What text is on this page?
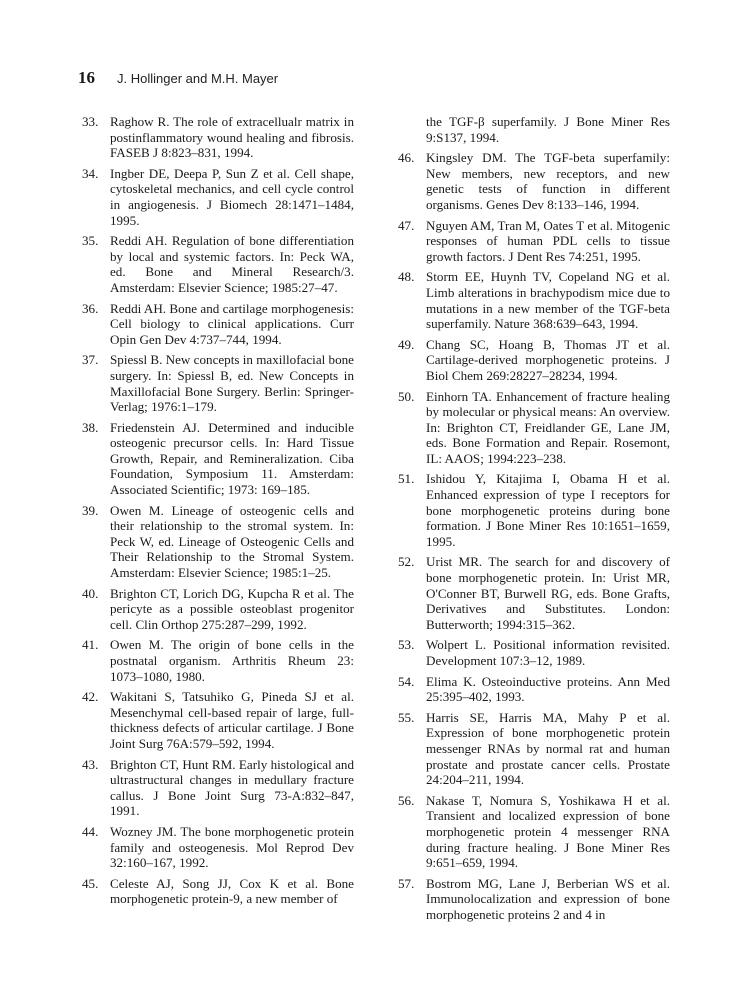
16 J. Hollinger and M.H. Mayer
33. Raghow R. The role of extracellualr matrix in postinflammatory wound healing and fibrosis. FASEB J 8:823–831, 1994.
34. Ingber DE, Deepa P, Sun Z et al. Cell shape, cytoskeletal mechanics, and cell cycle control in angiogenesis. J Biomech 28:1471–1484, 1995.
35. Reddi AH. Regulation of bone differentiation by local and systemic factors. In: Peck WA, ed. Bone and Mineral Research/3. Amsterdam: Elsevier Science; 1985:27–47.
36. Reddi AH. Bone and cartilage morphogenesis: Cell biology to clinical applications. Curr Opin Gen Dev 4:737–744, 1994.
37. Spiessl B. New concepts in maxillofacial bone surgery. In: Spiessl B, ed. New Concepts in Maxillofacial Bone Surgery. Berlin: Springer-Verlag; 1976:1–179.
38. Friedenstein AJ. Determined and inducible osteogenic precursor cells. In: Hard Tissue Growth, Repair, and Remineralization. Ciba Foundation, Symposium 11. Amsterdam: Associated Scientific; 1973: 169–185.
39. Owen M. Lineage of osteogenic cells and their relationship to the stromal system. In: Peck W, ed. Lineage of Osteogenic Cells and Their Relationship to the Stromal System. Amsterdam: Elsevier Science; 1985:1–25.
40. Brighton CT, Lorich DG, Kupcha R et al. The pericyte as a possible osteoblast progenitor cell. Clin Orthop 275:287–299, 1992.
41. Owen M. The origin of bone cells in the postnatal organism. Arthritis Rheum 23: 1073–1080, 1980.
42. Wakitani S, Tatsuhiko G, Pineda SJ et al. Mesenchymal cell-based repair of large, full-thickness defects of articular cartilage. J Bone Joint Surg 76A:579–592, 1994.
43. Brighton CT, Hunt RM. Early histological and ultrastructural changes in medullary fracture callus. J Bone Joint Surg 73-A:832–847, 1991.
44. Wozney JM. The bone morphogenetic protein family and osteogenesis. Mol Reprod Dev 32:160–167, 1992.
45. Celeste AJ, Song JJ, Cox K et al. Bone morphogenetic protein-9, a new member of
the TGF-β superfamily. J Bone Miner Res 9:S137, 1994.
46. Kingsley DM. The TGF-beta superfamily: New members, new receptors, and new genetic tests of function in different organisms. Genes Dev 8:133–146, 1994.
47. Nguyen AM, Tran M, Oates T et al. Mitogenic responses of human PDL cells to tissue growth factors. J Dent Res 74:251, 1995.
48. Storm EE, Huynh TV, Copeland NG et al. Limb alterations in brachypodism mice due to mutations in a new member of the TGF-beta superfamily. Nature 368:639–643, 1994.
49. Chang SC, Hoang B, Thomas JT et al. Cartilage-derived morphogenetic proteins. J Biol Chem 269:28227–28234, 1994.
50. Einhorn TA. Enhancement of fracture healing by molecular or physical means: An overview. In: Brighton CT, Freidlander GE, Lane JM, eds. Bone Formation and Repair. Rosemont, IL: AAOS; 1994:223–238.
51. Ishidou Y, Kitajima I, Obama H et al. Enhanced expression of type I receptors for bone morphogenetic proteins during bone formation. J Bone Miner Res 10:1651–1659, 1995.
52. Urist MR. The search for and discovery of bone morphogenetic protein. In: Urist MR, O'Conner BT, Burwell RG, eds. Bone Grafts, Derivatives and Substitutes. London: Butterworth; 1994:315–362.
53. Wolpert L. Positional information revisited. Development 107:3–12, 1989.
54. Elima K. Osteoinductive proteins. Ann Med 25:395–402, 1993.
55. Harris SE, Harris MA, Mahy P et al. Expression of bone morphogenetic protein messenger RNAs by normal rat and human prostate and prostate cancer cells. Prostate 24:204–211, 1994.
56. Nakase T, Nomura S, Yoshikawa H et al. Transient and localized expression of bone morphogenetic protein 4 messenger RNA during fracture healing. J Bone Miner Res 9:651–659, 1994.
57. Bostrom MG, Lane J, Berberian WS et al. Immunolocalization and expression of bone morphogenetic proteins 2 and 4 in
